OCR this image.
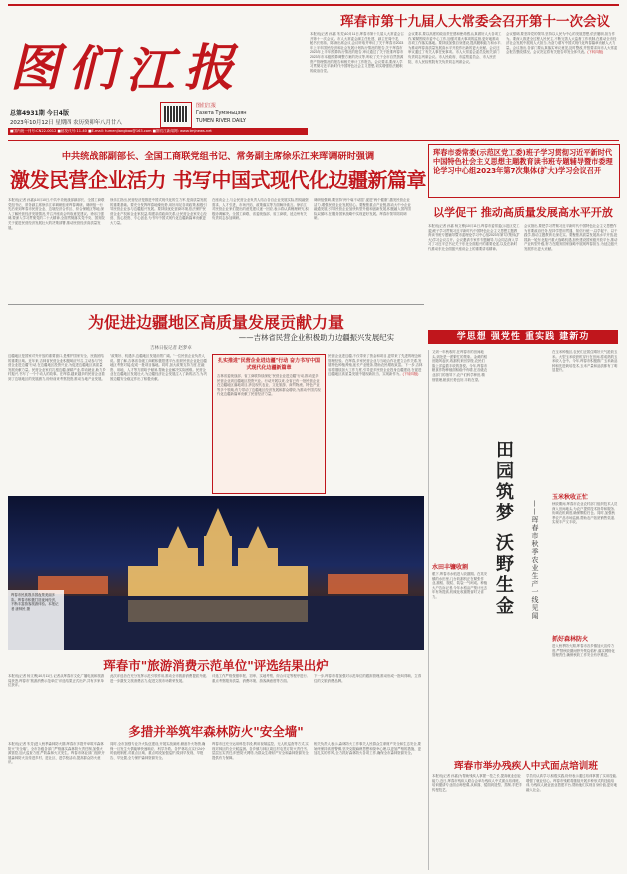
珲春市第十九届人大常委会召开第十一次会议
图 们 江 报
总第4931期 今日4版
2023年10月12日 星期四 农历癸卯年八月廿八
图们江报
Газета Тумэньцзян
TUMEN RIVER DAILY
■国内统一刊号:CN22-0012 ■邮发代号:11-40 ■E-mail: tumenjiangbao@163.com ■图们江新闻网: www.tmjnews.net
本报讯(记者 孙嘉 朱芳)10月11日,珲春市第十九届人大常委会召开第十一次会议。市人大常委会副主任杜建、副主任周中龙、秘书长郭伟、陈涛出席会议,会议听取并审议了关于珲春市2023年上半年国民经济和社会发展计划执行情况的报告,关于珲春市2023年上半年预算执行情况的报告,审议通过了关于批准珲春市2023年市本级预算调整方案的决议等,听取了关于全市自然资源资产管理情况的报告和相关审计工作报告。会议要求,要深入学习贯彻习近平新时代中国特色社会主义思想,切实增强依法履职的政治自觉。
会议要求,要以高度的政治责任感和使命感,认真做好人大各项工作,紧紧围绕市委中心工作,加强对重大事项的监督,更好地推动各项工作落实落地。要持续加强自身建设,提高履职能力和水平,为推动珲春高质量发展高水平开放作出新的更大贡献。会议还审议通过了有关人事任免事项。市人大常委会委员及相关部门负责同志列席会议。市人民政府、市监察委员会、市人民法院、市人民检察院有关负责同志列席会议。
会议强调,要坚持党的领导,坚持以人民为中心的发展思想,依法履职,担当作为。要深入推进全过程人民民主,不断完善人大监督工作机制,在推动全市经济社会发展中展现人大担当,为奋力谱写中国式现代化珲春篇章贡献人大力量。会议指出,各部门要认真落实审议意见,及时整改,并按要求向市人大常委会报告整改情况。会议决定将有关报告印发全体代表。(下转四版)
中共统战部副部长、全国工商联党组书记、常务副主席徐乐江来珲调研时强调
激发民营企业活力 书写中国式现代化边疆新篇章
本报讯(记者 孙嘉)10月10日,中共中央统战部副部长、全国工商联党组书记、常务副主席徐乐江率调研组来珲春调研。调研组一行先后来到珲春市民营企业、边境经济合作区、综合保税区等地,深入了解民营经济发展情况,并召开座谈会听取意见建议。徐乐江强调,要深入学习贯彻党的二十大精神,全面贯彻落实党中央、国务院关于促进民营经济发展壮大的决策部署,推动民营经济高质量发展。
徐乐江指出,民营经济是推进中国式现代化的生力军,是高质量发展的重要基础。要充分发挥珲春地缘优势,用好用足各项政策,积极引导民营企业参与边疆振兴发展。要持续优化营商环境,依法保护民营企业产权和企业家权益,构建亲清政商关系,让民营企业家安心经营、放心投资、专心创业,为书写中国式现代化边疆新篇章贡献更大力量。
在座谈会上,与会民营企业负责人结合各自企业发展实际,围绕融资需求、人才引进、市场开拓、政策落实等方面畅所欲言。徐乐江对民营企业家们提出的意见建议逐一回应,表示将认真梳理研究,积极协调解决。全国工商联、省委统战部、省工商联、延边州有关负责同志参加调研。
调研组强调,要坚持"两个毫不动摇",促进"两个健康",激发民营企业活力,增强民营企业发展信心。要聚焦重点产业链,推动大中小企业融通发展,引导民营企业加快转型升级和创新发展,积极融入国内国际双循环,在服务国家战略中实现更好发展。珲春市领导陪同调研。
珲春市委常委(示范区党工委)班子学习贯彻习近平新时代中国特色社会主义思想主题教育读书班专题辅导暨市委理论学习中心组2023年第7次集体(扩大)学习会议召开
以学促干 推动高质量发展高水平开放
本报讯(记者 孙嘉 杨文博)10月11日,珲春市委常委(示范区党工委)班子学习贯彻习近平新时代中国特色社会主义思想主题教育读书班专题辅导暨市委理论学习中心组2023年第7次集体(扩大)学习会议召开。会议邀请专家作专题辅导,与会同志深入学习了习近平总书记关于东北全面振兴的重要论述,以及在新时代推动东北全面振兴座谈会上的重要讲话精神。
会议指出,要把学习贯彻习近平新时代中国特色社会主义思想作为首要政治任务,坚持学思用贯通、知信行统一,以学促干、以干践学,推动主题教育走深走实。要聚焦高质量发展高水平开放,抢抓新一轮东北振兴重大战略机遇,加快建设国家级开放平台,推动产业转型升级,努力在服务国家战略中展现珲春担当,为延边振兴发展作出更大贡献。
学思想 强党性 重实践 建新功
为促进边疆地区高质量发展贡献力量
——吉林省民营企业积极助力边疆振兴发展纪实
吉林日报记者 赵梦卓
边疆地区是国家对外开放的重要窗口,是维护国家安全、民族团结的重要区域。近年来,吉林省民营企业积极响应号召,主动参与"民营企业进边疆"行动,在边疆地区投资兴业,为促进边疆地区高质量发展贡献力量。民营企业家们扎根边疆,深耕产业,带动就业,助力乡村振兴,书写了一个个动人的故事。在珲春,越来越多的民营企业看到了边境地区的发展潜力,纷纷前来考察投资,推动当地产业发展。
"政策好、机遇多,边疆地区发展前景广阔。"一位民营企业负责人说。据了解,吉林省各级工商联积极搭建平台,组织民营企业赴边疆地区考察对接,促成一批项目落地。同时,加大政策支持力度,在融资、用地、人才等方面给予倾斜,帮助企业解决实际困难。民营企业在边疆地区发展壮大,为边疆经济社会发展注入了新的活力,为巩固边疆安全稳定作出了积极贡献。
扎实推进"民营企业进边疆"行动 奋力书写中国式现代化边疆新篇章
吉林省委统战部、省工商联持续深化"民营企业进边疆"行动,推动更多民营企业到边疆地区投资兴业。行动开展以来,全省已有一批民营企业在边疆地区落地项目,涉及现代农业、文化旅游、商贸物流、特色产业等多个领域,有力带动了边疆地区经济发展和群众增收,为推动中国式现代化边疆新篇章贡献了民营经济力量。
民营企业进边疆,不仅带来了资金和项目,更带来了先进的理念和管理经验。在珲春,多家民营企业与当地合作社建立合作关系,发展特色种植养殖,延长产业链条,帮助农民增收致富。下一步,吉林省将继续加大工作力度,引导更多民营企业投身边疆建设,在促进边疆地区高质量发展中展现新担当、实现新作为。(下转四版)
珲春市民族娱乐园夜景美丽多彩。珲春市积极打造夜间经济，不断丰富游客旅游体验。本报记者 唐帅民 摄
又到一年秋收时,在珲春市的田间地头,到处是一派繁忙的景象。金黄的稻田随风起伏,收割机来回穿梭,农民们脸上洋溢着丰收的喜悦。今年,珲春市粮食作物种植面积稳中有增,在各级农业部门的指导下,农户们科学种田,精细管理,粮食长势良好,丰收在望。
水田丰镰收割
眼下,珲春市水稻进入收割期。在英安镇的水田里,几台收割机正在紧张作业,割稻、脱粒、装袋一气呵成。种植大户告诉记者,今年水稻亩产预计比去年有所提高,机械化收割既省时又省力。	田园筑梦 沃野生金 ——珲春市秋季农业生产一线见闻
在玉米种植区,农民们正抓住晴好天气抢收玉米。大型玉米收获机穿行在田间,将成熟的玉米收入仓中。今年,珲春市积极推广玉米新品种和先进栽培技术,玉米产量和品质都有了明显提升。
玉米秋收正忙
秋收期间,珲春市农业农村部门组织技术人员深入田间地头,为农户提供技术指导和服务,协调农机调度,确保颗粒归仓。同时,加强秋季农产品市场监测,帮助农户拓宽销售渠道,实现丰产又丰收。
抓好森林防火
进入秋季防火期,珲春市各乡镇加大宣传力度,严禁秋收期间野外焚烧秸秆,落实网格化管理责任,确保秋收工作安全有序推进。
珲春市"旅游消费示范单位"评选结果出炉
本报讯(记者 杨文博)10月11日,记者从珲春市文化广播电视和旅游局获悉,珲春市"旅游消费示范单位"评选结果正式出炉,共有多家单位获评。
此次评选旨在充分发挥示范引领作用,推动全市旅游消费提质升级,进一步激发文旅消费活力,促进文旅市场繁荣发展。
评选工作严格按照申报、初审、实地考察、综合评定等程序进行,重点考察服务质量、消费环境、游客满意度等方面。
下一步,珲春市将加强对示范单位的跟踪管理,推动形成一批叫得响、立得住的文旅消费品牌。
多措并举筑牢森林防火"安全墙"
本报讯(记者 朱芳)进入秋季森林防火期,珲春市多措并举筑牢森林防火"安全墙"。全市各级各部门严格落实森林防火责任制,加强火源管控,加大巡查力度,严防森林火灾发生。珲春市林业部门组织开展森林防火宣传进乡村、进社区、进学校活动,提高群众防火意识。
同时,全市加强专业扑火队伍建设,开展实战演练,储备扑火物资,确保一旦发生火情能够快速响应、科学扑救。各护林站点实行24小时值班制度,对重点区域、重点时段加强巡护,做到早发现、早报告、早处置,全力保护森林资源安全。
珲春市还充分运用科技手段,利用视频监控、无人机巡查等方式,实现对林区的全天候监测。各乡镇与林区周边村屯签订防火责任书,层层压实责任,织密防火网络,为群众生命财产安全和森林资源安全提供有力保障。
相关负责人表示,森林防火工作事关人民群众生命财产安全和生态安全,要始终保持高度警惕,坚决克服麻痹思想和侥幸心理,以更加严格的措施、更加扎实的作风,全力抓好森林防火各项工作,确保全市森林资源安全。
珲春市举办残疾人中式面点培训班
本报讯(记者 孙嘉)为帮助残疾人掌握一技之长,提高就业创业能力,近日,珲春市残疾人联合会举办残疾人中式面点培训班。培训邀请专业面点师授课,从和面、揉面到造型、蒸制,手把手传授技艺。
学员们认真学习,积极实践,纷纷表示通过培训掌握了实用技能,增强了就业信心。珲春市残联将继续开展多种形式的技能培训,为残疾人就业创业搭建平台,帮助他们实现自身价值,更好地融入社会。
